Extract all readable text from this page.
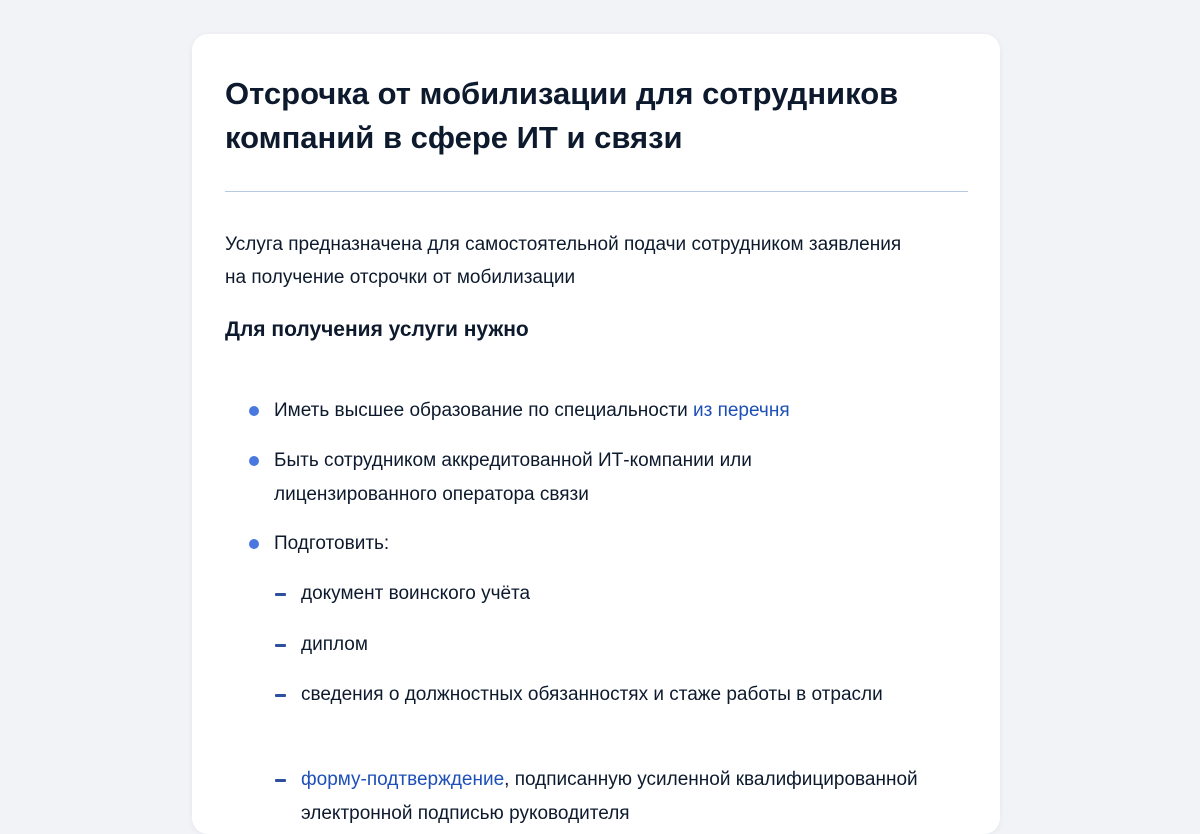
Отсрочка от мобилизации для сотрудников компаний в сфере ИТ и связи

Услуга предназначена для самостоятельной подачи сотрудником заявления на получение отсрочки от мобилизации

Для получения услуги нужно
Иметь высшее образование по специальности из перечня
Быть сотрудником аккредитованной ИТ-компании или лицензированного оператора связи
Подготовить:
документ воинского учёта
диплом
сведения о должностных обязанностях и стаже работы в отрасли
форму-подтверждение, подписанную усиленной квалифицированной электронной подписью руководителя
